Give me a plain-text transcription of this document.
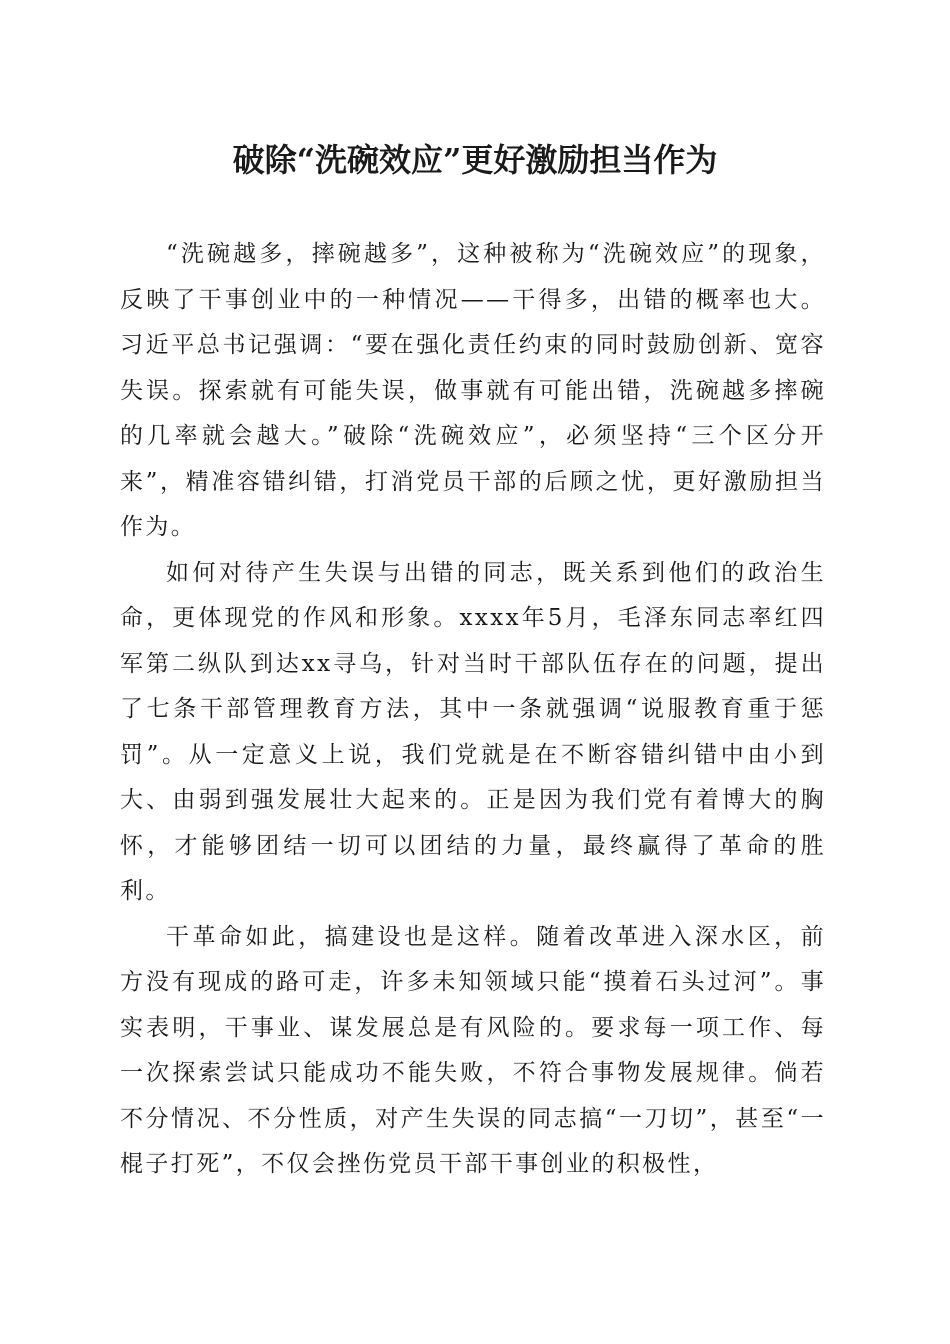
破除“洗碗效应”更好激励担当作为

“洗碗越多，摔碗越多”，这种被称为“洗碗效应”的现象，反映了干事创业中的一种情况——干得多，出错的概率也大。习近平总书记强调：“要在强化责任约束的同时鼓励创新、宽容失误。探索就有可能失误，做事就有可能出错，洗碗越多摔碗的几率就会越大。”破除“洗碗效应”，必须坚持“三个区分开来”，精准容错纠错，打消党员干部的后顾之忧，更好激励担当作为。

如何对待产生失误与出错的同志，既关系到他们的政治生命，更体现党的作风和形象。xxxx年5月，毛泽东同志率红四军第二纵队到达xx寻乌，针对当时干部队伍存在的问题，提出了七条干部管理教育方法，其中一条就强调“说服教育重于惩罚”。从一定意义上说，我们党就是在不断容错纠错中由小到大、由弱到强发展壮大起来的。正是因为我们党有着博大的胸怀，才能够团结一切可以团结的力量，最终赢得了革命的胜利。

干革命如此，搞建设也是这样。随着改革进入深水区，前方没有现成的路可走，许多未知领域只能“摸着石头过河”。事实表明，干事业、谋发展总是有风险的。要求每一项工作、每一次探索尝试只能成功不能失败，不符合事物发展规律。倘若不分情况、不分性质，对产生失误的同志搞“一刀切”，甚至“一棍子打死”，不仅会挫伤党员干部干事创业的积极性，
